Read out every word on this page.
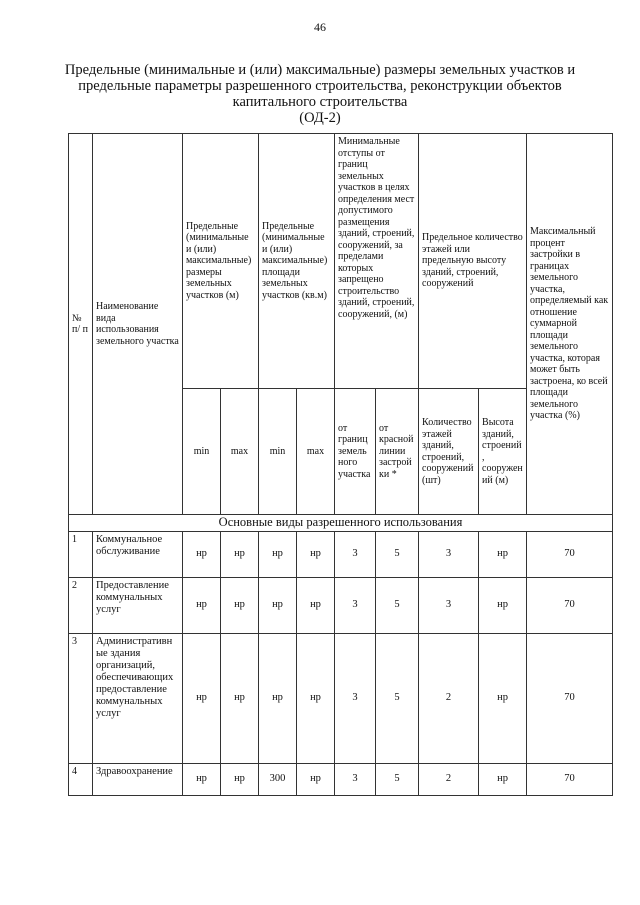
46
Предельные (минимальные и (или) максимальные) размеры земельных участков и
предельные параметры разрешенного строительства, реконструкции объектов
капитального строительства
(ОД-2)
№ п/ п	Наименование вида использования земельного участка	Предельные (минимальные и (или) максимальные) размеры земельных участков (м)		Предельные (минимальные и (или) максимальные) площади земельных участков (кв.м)		Минимальные отступы от границ земельных участков в целях определения мест допустимого размещения зданий, строений, сооружений, за пределами которых запрещено строительство зданий, строений, сооружений, (м)		Предельное количество этажей или предельную высоту зданий, строений, сооружений		Максимальный процент застройки в границах земельного участка, определяемый как отношение суммарной площади земельного участка, которая может быть застроена, ко всей площади земельного участка (%)
		min	max	min	max	от границ земельного участка	от красной линии застройки *	Количество этажей зданий, строений, сооружений (шт)	Высота зданий, строений, сооружений (м)	
Основные виды разрешенного использования										
1	Коммунальное обслуживание	нр	нр	нр	нр	3	5	3	нр	70
2	Предоставление коммунальных услуг	нр	нр	нр	нр	3	5	3	нр	70
3	Административные здания организаций, обеспечивающих предоставление коммунальных услуг	нр	нр	нр	нр	3	5	2	нр	70
4	Здравоохранение	нр	нр	300	нр	3	5	2	нр	70
